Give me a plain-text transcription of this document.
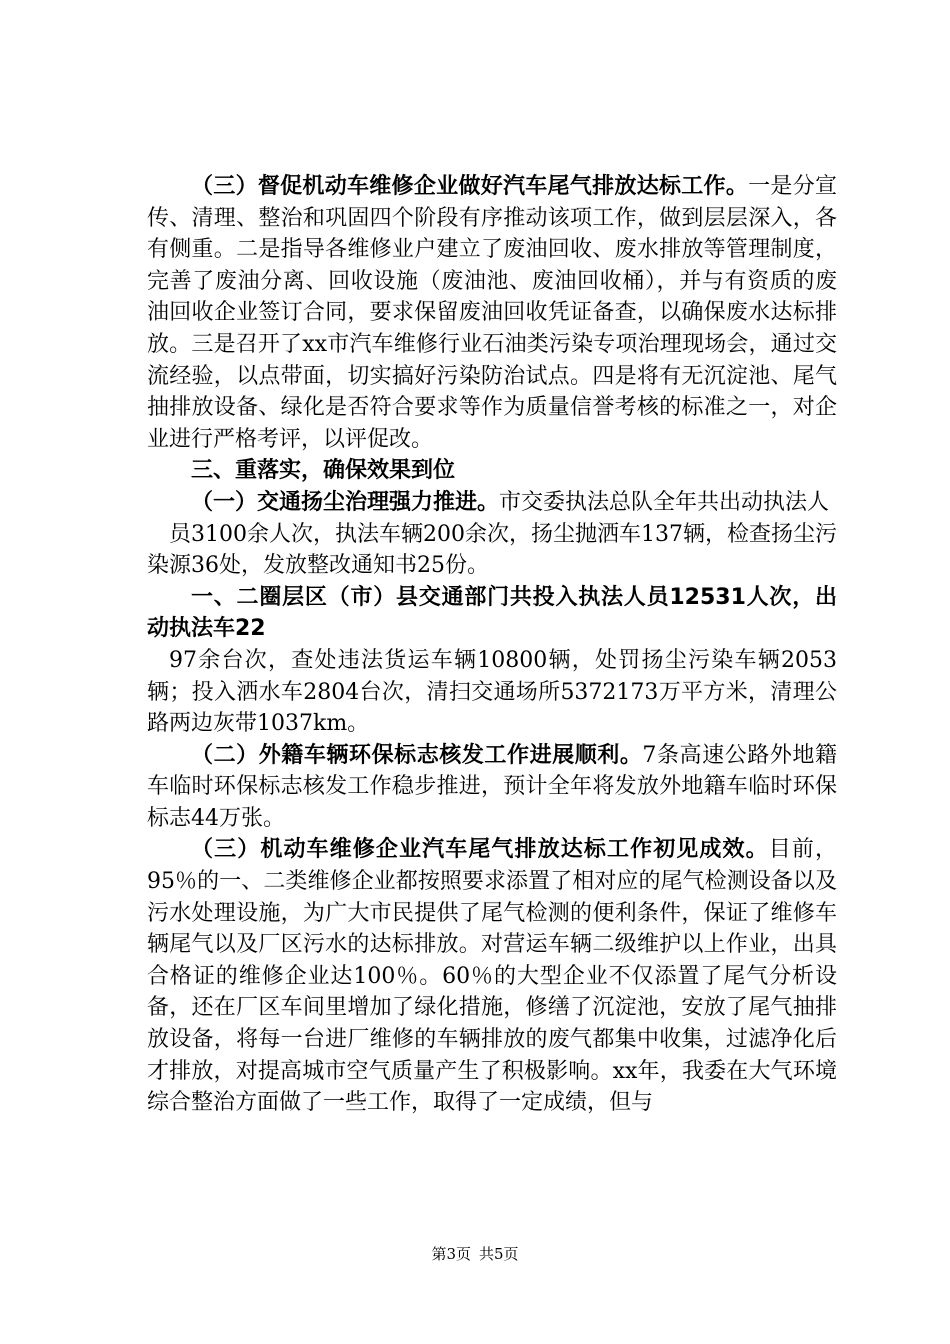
（三）督促机动车维修企业做好汽车尾气排放达标工作。一是分宣传、清理、整治和巩固四个阶段有序推动该项工作，做到层层深入，各有侧重。二是指导各维修业户建立了废油回收、废水排放等管理制度，完善了废油分离、回收设施（废油池、废油回收桶），并与有资质的废油回收企业签订合同，要求保留废油回收凭证备查，以确保废水达标排放。三是召开了xx市汽车维修行业石油类污染专项治理现场会，通过交流经验，以点带面，切实搞好污染防治试点。四是将有无沉淀池、尾气抽排放设备、绿化是否符合要求等作为质量信誉考核的标准之一，对企业进行严格考评，以评促改。

三、重落实，确保效果到位

（一）交通扬尘治理强力推进。市交委执法总队全年共出动执法人

员3100余人次，执法车辆200余次，扬尘抛洒车137辆，检查扬尘污染源36处，发放整改通知书25份。

一、二圈层区（市）县交通部门共投入执法人员12531人次，出动执法车22

97余台次，查处违法货运车辆10800辆，处罚扬尘污染车辆2053辆；投入洒水车2804台次，清扫交通场所5372173万平方米，清理公路两边灰带1037km。

（二）外籍车辆环保标志核发工作进展顺利。7条高速公路外地籍车临时环保标志核发工作稳步推进，预计全年将发放外地籍车临时环保标志44万张。

（三）机动车维修企业汽车尾气排放达标工作初见成效。目前，95％的一、二类维修企业都按照要求添置了相对应的尾气检测设备以及污水处理设施，为广大市民提供了尾气检测的便利条件，保证了维修车辆尾气以及厂区污水的达标排放。对营运车辆二级维护以上作业，出具合格证的维修企业达100％。60％的大型企业不仅添置了尾气分析设备，还在厂区车间里增加了绿化措施，修缮了沉淀池，安放了尾气抽排放设备，将每一台进厂维修的车辆排放的废气都集中收集，过滤净化后才排放，对提高城市空气质量产生了积极影响。xx年，我委在大气环境综合整治方面做了一些工作，取得了一定成绩，但与

第3页 共5页
